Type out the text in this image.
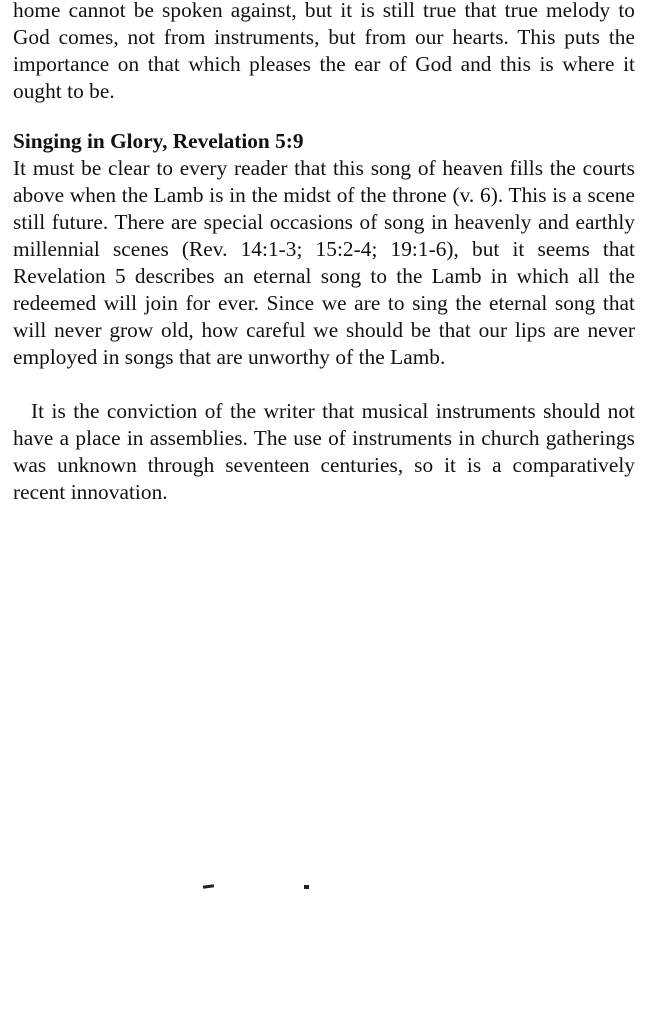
home cannot be spoken against, but it is still true that true melody to God comes, not from instruments, but from our hearts. This puts the importance on that which pleases the ear of God and this is where it ought to be.

Singing in Glory, Revelation 5:9

It must be clear to every reader that this song of heaven fills the courts above when the Lamb is in the midst of the throne (v. 6). This is a scene still future. There are special occasions of song in heavenly and earthly millennial scenes (Rev. 14:1-3; 15:2-4; 19:1-6), but it seems that Revelation 5 describes an eternal song to the Lamb in which all the redeemed will join for ever. Since we are to sing the eternal song that will never grow old, how careful we should be that our lips are never employed in songs that are unworthy of the Lamb.

It is the conviction of the writer that musical instruments should not have a place in assemblies. The use of instruments in church gatherings was unknown through seventeen centuries, so it is a comparatively recent innovation.
